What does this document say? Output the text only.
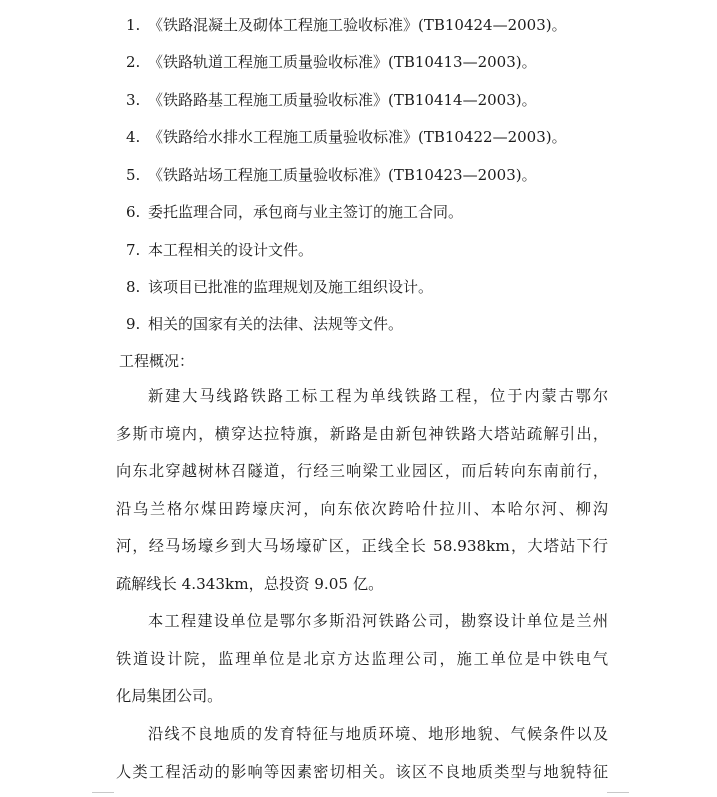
1. 《铁路混凝土及砌体工程施工验收标准》(TB10424—2003)。
2. 《铁路轨道工程施工质量验收标准》(TB10413—2003)。
3. 《铁路路基工程施工质量验收标准》(TB10414—2003)。
4. 《铁路给水排水工程施工质量验收标准》(TB10422—2003)。
5. 《铁路站场工程施工质量验收标准》(TB10423—2003)。
6. 委托监理合同，承包商与业主签订的施工合同。
7. 本工程相关的设计文件。
8. 该项目已批准的监理规划及施工组织设计。
9. 相关的国家有关的法律、法规等文件。
工程概况：
新建大马线路铁路工标工程为单线铁路工程，位于内蒙古鄂尔
多斯市境内，横穿达拉特旗，新路是由新包神铁路大塔站疏解引出，
向东北穿越树林召隧道，行经三响梁工业园区，而后转向东南前行，
沿乌兰格尔煤田跨壕庆河，向东依次跨哈什拉川、本哈尔河、柳沟
河，经马场壕乡到大马场壕矿区，正线全长 58.938km，大塔站下行
疏解线长 4.343km，总投资 9.05 亿。
本工程建设单位是鄂尔多斯沿河铁路公司，勘察设计单位是兰州
铁道设计院，监理单位是北京方达监理公司，施工单位是中铁电气
化局集团公司。
沿线不良地质的发育特征与地质环境、地形地貌、气候条件以及
人类工程活动的影响等因素密切相关。该区不良地质类型与地貌特征
